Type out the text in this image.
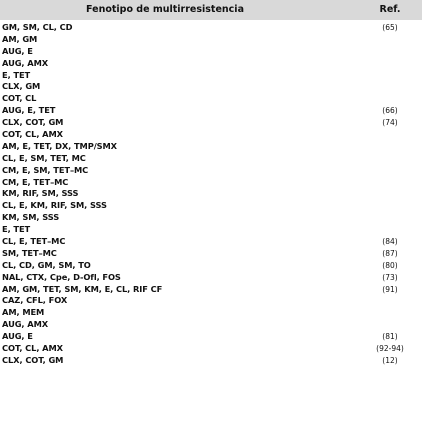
Fenotipo de multirresistencia	Ref.
GM, SM, CL, CD	(65)
AM, GM
AUG, E
AUG, AMX
E, TET
CLX, GM
COT, CL
AUG, E, TET	(66)
CLX, COT, GM	(74)
COT, CL, AMX
AM, E, TET, DX, TMP/SMX
CL, E, SM, TET, MC
CM, E, SM, TET–MC
CM, E, TET–MC
KM, RIF, SM, SSS
CL, E, KM, RIF, SM, SSS
KM, SM, SSS
E, TET
CL, E, TET–MC	(84)
SM, TET–MC	(87)
CL, CD, GM, SM, TO	(80)
NAL, CTX, Cpe, D-Ofl, FOS	(73)
AM, GM, TET, SM, KM, E, CL, RIF CF	(91)
CAZ, CFL, FOX
AM, MEM
AUG, AMX
AUG, E	(81)
COT, CL, AMX	(92-94)
CLX, COT, GM	(12)
